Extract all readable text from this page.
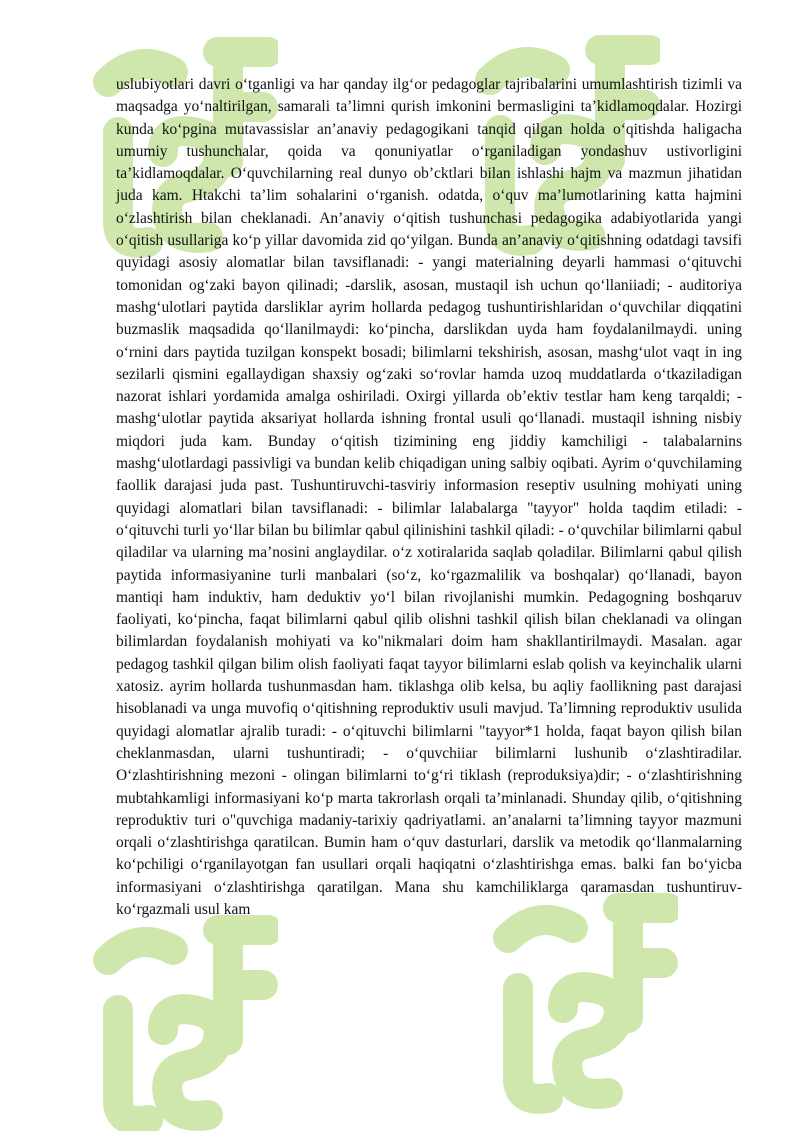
uslubiyotlari davri o‘tganligi va har qanday ilg‘or pedagoglar tajribalarini umumlashtirish tizimli va maqsadga yo‘naltirilgan, samarali ta’limni qurish imkonini bermasligini ta’kidlamoqdalar. Hozirgi kunda ko‘pgina mutavassislar an’anaviy pedagogikani tanqid qilgan holda o‘qitishda haligacha umumiy tushunchalar, qoida va qonuniyatlar o‘rganiladigan yondashuv ustivorligini ta’kidlamoqdalar. O‘quvchilarning real dunyo ob’cktlari bilan ishlashi hajm va mazmun jihatidan juda kam. Htakchi ta’lim sohalarini o‘rganish. odatda, o‘quv ma’lumotlarining katta hajmini o‘zlashtirish bilan cheklanadi. An’anaviy o‘qitish tushunchasi pedagogika adabiyotlarida yangi o‘qitish usullariga ko‘p yillar davomida zid qo‘yilgan. Bunda an’anaviy o‘qitishning odatdagi tavsifi quyidagi asosiy alomatlar bilan tavsiflanadi: - yangi materialning deyarli hammasi o‘qituvchi tomonidan og‘zaki bayon qilinadi; -darslik, asosan, mustaqil ish uchun qo‘llaniiadi; - auditoriya mashg‘ulotlari paytida darsliklar ayrim hollarda pedagog tushuntirishlaridan o‘quvchilar diqqatini buzmaslik maqsadida qo‘llanilmaydi: ko‘pincha, darslikdan uyda ham foydalanilmaydi. uning o‘rnini dars paytida tuzilgan konspekt bosadi; bilimlarni tekshirish, asosan, mashg‘ulot vaqt in ing sezilarli qismini egallaydigan shaxsiy og‘zaki so‘rovlar hamda uzoq muddatlarda o‘tkaziladigan nazorat ishlari yordamida amalga oshiriladi. Oxirgi yillarda ob’ektiv testlar ham keng tarqaldi; - mashg‘ulotlar paytida aksariyat hollarda ishning frontal usuli qo‘llanadi. mustaqil ishning nisbiy miqdori juda kam. Bunday o‘qitish tizimining eng jiddiy kamchiligi - talabalarnins mashg‘ulotlardagi passivligi va bundan kelib chiqadigan uning salbiy oqibati. Ayrim o‘quvchilaming faollik darajasi juda past. Tushuntiruvchi-tasviriy informasion reseptiv usulning mohiyati uning quyidagi alomatlari bilan tavsiflanadi: - bilimlar lalabalarga "tayyor" holda taqdim etiladi: - o‘qituvchi turli yo‘llar bilan bu bilimlar qabul qilinishini tashkil qiladi: - o‘quvchilar bilimlarni qabul qiladilar va ularning ma’nosini anglaydilar. o‘z xotiralarida saqlab qoladilar. Bilimlarni qabul qilish paytida informasiyanine turli manbalari (so‘z, ko‘rgazmalilik va boshqalar) qo‘llanadi, bayon mantiqi ham induktiv, ham deduktiv yo‘l bilan rivojlanishi mumkin. Pedagogning boshqaruv faoliyati, ko‘pincha, faqat bilimlarni qabul qilib olishni tashkil qilish bilan cheklanadi va olingan bilimlardan foydalanish mohiyati va ko"nikmalari doim ham shakllantirilmaydi. Masalan. agar pedagog tashkil qilgan bilim olish faoliyati faqat tayyor bilimlarni eslab qolish va keyinchalik ularni xatosiz. ayrim hollarda tushunmasdan ham. tiklashga olib kelsa, bu aqliy faollikning past darajasi hisoblanadi va unga muvofiq o‘qitishning reproduktiv usuli mavjud. Ta’limning reproduktiv usulida quyidagi alomatlar ajralib turadi: - o‘qituvchi bilimlarni "tayyor*1 holda, faqat bayon qilish bilan cheklanmasdan, ularni tushuntiradi; - o‘quvchiiar bilimlarni lushunib o‘zlashtiradilar. O‘zlashtirishning mezoni - olingan bilimlarni to‘g‘ri tiklash (reproduksiya)dir; - o‘zlashtirishning mubtahkamligi informasiyani ko‘p marta takrorlash orqali ta’minlanadi. Shunday qilib, o‘qitishning reproduktiv turi o"quvchiga madaniy-tarixiy qadriyatlami. an’analarni ta’limning tayyor mazmuni orqali o‘zlashtirishga qaratilcan. Bumin ham o‘quv dasturlari, darslik va metodik qo‘llanmalarning ko‘pchiligi o‘rganilayotgan fan usullari orqali haqiqatni o‘zlashtirishga emas. balki fan bo‘yicba informasiyani o‘zlashtirishga qaratilgan. Mana shu kamchiliklarga qaramasdan tushuntiruv-ko‘rgazmali usul kam
